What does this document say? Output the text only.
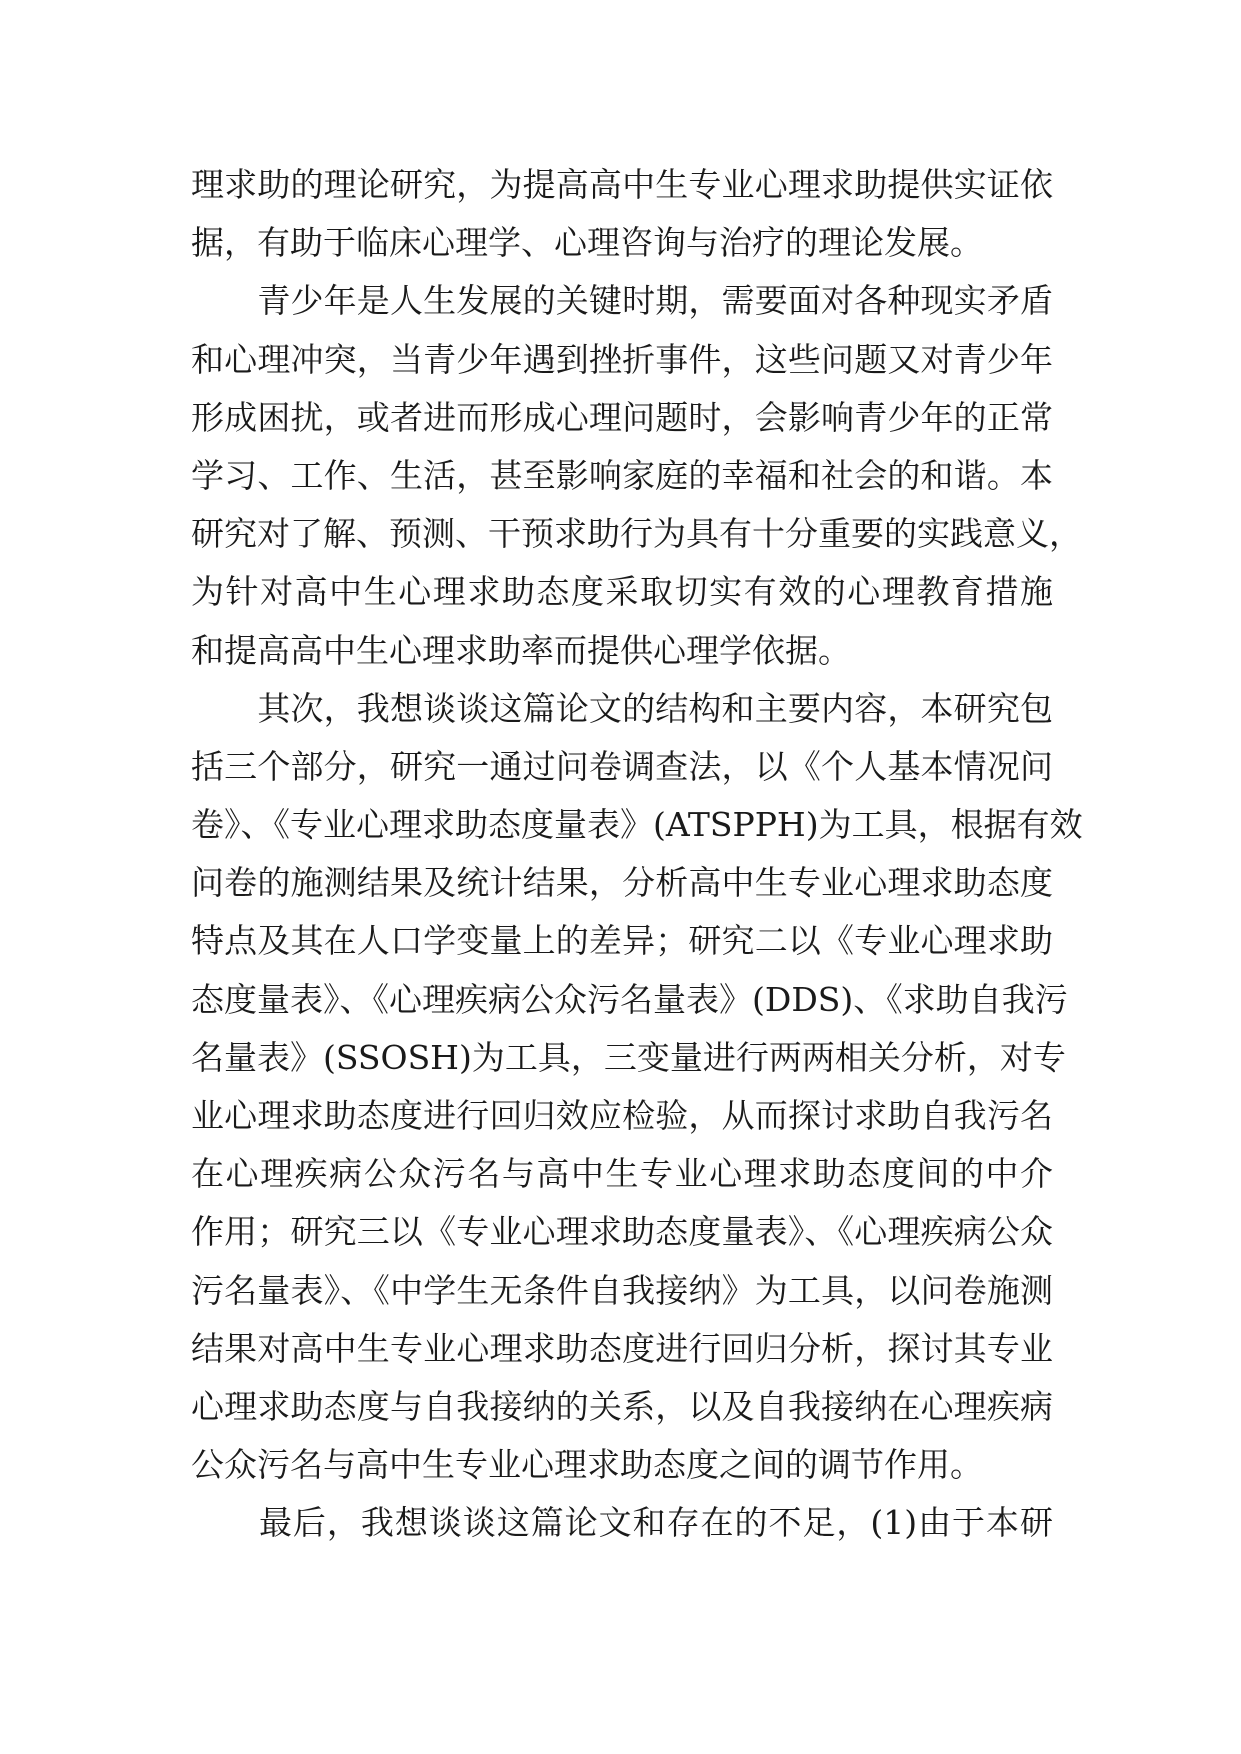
理求助的理论研究，为提高高中生专业心理求助提供实证依
据，有助于临床心理学、心理咨询与治疗的理论发展。
　　青少年是人生发展的关键时期，需要面对各种现实矛盾
和心理冲突，当青少年遇到挫折事件，这些问题又对青少年
形成困扰，或者进而形成心理问题时，会影响青少年的正常
学习、工作、生活，甚至影响家庭的幸福和社会的和谐。本
研究对了解、预测、干预求助行为具有十分重要的实践意义，
为针对高中生心理求助态度采取切实有效的心理教育措施
和提高高中生心理求助率而提供心理学依据。
　　其次，我想谈谈这篇论文的结构和主要内容，本研究包
括三个部分，研究一通过问卷调查法，以《个人基本情况问
卷》、《专业心理求助态度量表》(ATSPPH)为工具，根据有效
问卷的施测结果及统计结果，分析高中生专业心理求助态度
特点及其在人口学变量上的差异；研究二以《专业心理求助
态度量表》、《心理疾病公众污名量表》(DDS)、《求助自我污
名量表》(SSOSH)为工具，三变量进行两两相关分析，对专
业心理求助态度进行回归效应检验，从而探讨求助自我污名
在心理疾病公众污名与高中生专业心理求助态度间的中介
作用；研究三以《专业心理求助态度量表》、《心理疾病公众
污名量表》、《中学生无条件自我接纳》为工具，以问卷施测
结果对高中生专业心理求助态度进行回归分析，探讨其专业
心理求助态度与自我接纳的关系，以及自我接纳在心理疾病
公众污名与高中生专业心理求助态度之间的调节作用。
　　最后，我想谈谈这篇论文和存在的不足，(1)由于本研
